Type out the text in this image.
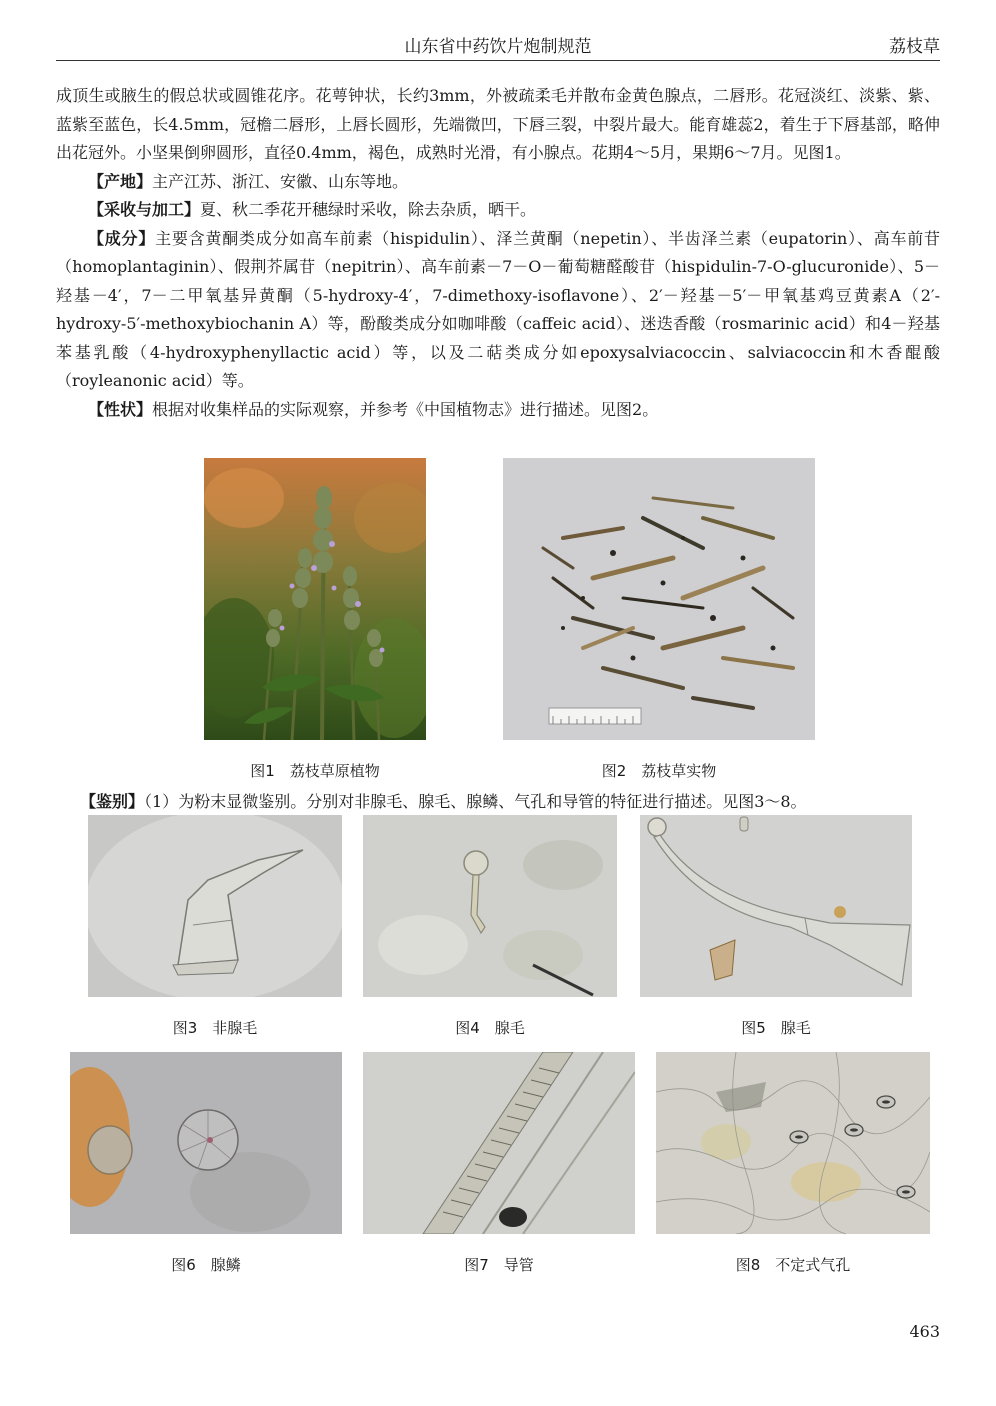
山东省中药饮片炮制规范	荔枝草

成顶生或腋生的假总状或圆锥花序。花萼钟状，长约3mm，外被疏柔毛并散布金黄色腺点，二唇形。花冠淡红、淡紫、紫、蓝紫至蓝色，长4.5mm，冠檐二唇形，上唇长圆形，先端微凹，下唇三裂，中裂片最大。能育雄蕊2，着生于下唇基部，略伸出花冠外。小坚果倒卵圆形，直径0.4mm，褐色，成熟时光滑，有小腺点。花期4～5月，果期6～7月。见图1。

【产地】主产江苏、浙江、安徽、山东等地。

【采收与加工】夏、秋二季花开穗绿时采收，除去杂质，晒干。

【成分】主要含黄酮类成分如高车前素（hispidulin）、泽兰黄酮（nepetin）、半齿泽兰素（eupatorin）、高车前苷（homoplantaginin）、假荆芥属苷（nepitrin）、高车前素－7－O－葡萄糖醛酸苷（hispidulin-7-O-glucuronide）、5－羟基－4′，7－二甲氧基异黄酮（5-hydroxy-4′，7-dimethoxy-isoflavone）、2′－羟基－5′－甲氧基鸡豆黄素A（2′-hydroxy-5′-methoxybiochanin A）等，酚酸类成分如咖啡酸（caffeic acid）、迷迭香酸（rosmarinic acid）和4－羟基苯基乳酸（4-hydroxyphenyllactic acid）等，以及二萜类成分如epoxysalviacoccin、salviacoccin和木香醌酸（royleanonic acid）等。

【性状】根据对收集样品的实际观察，并参考《中国植物志》进行描述。见图2。

图1　荔枝草原植物	图2　荔枝草实物
【鉴别】（1）为粉末显微鉴别。分别对非腺毛、腺毛、腺鳞、气孔和导管的特征进行描述。见图3～8。
图3　非腺毛	图4　腺毛	图5　腺毛
图6　腺鳞	图7　导管	图8　不定式气孔
463
